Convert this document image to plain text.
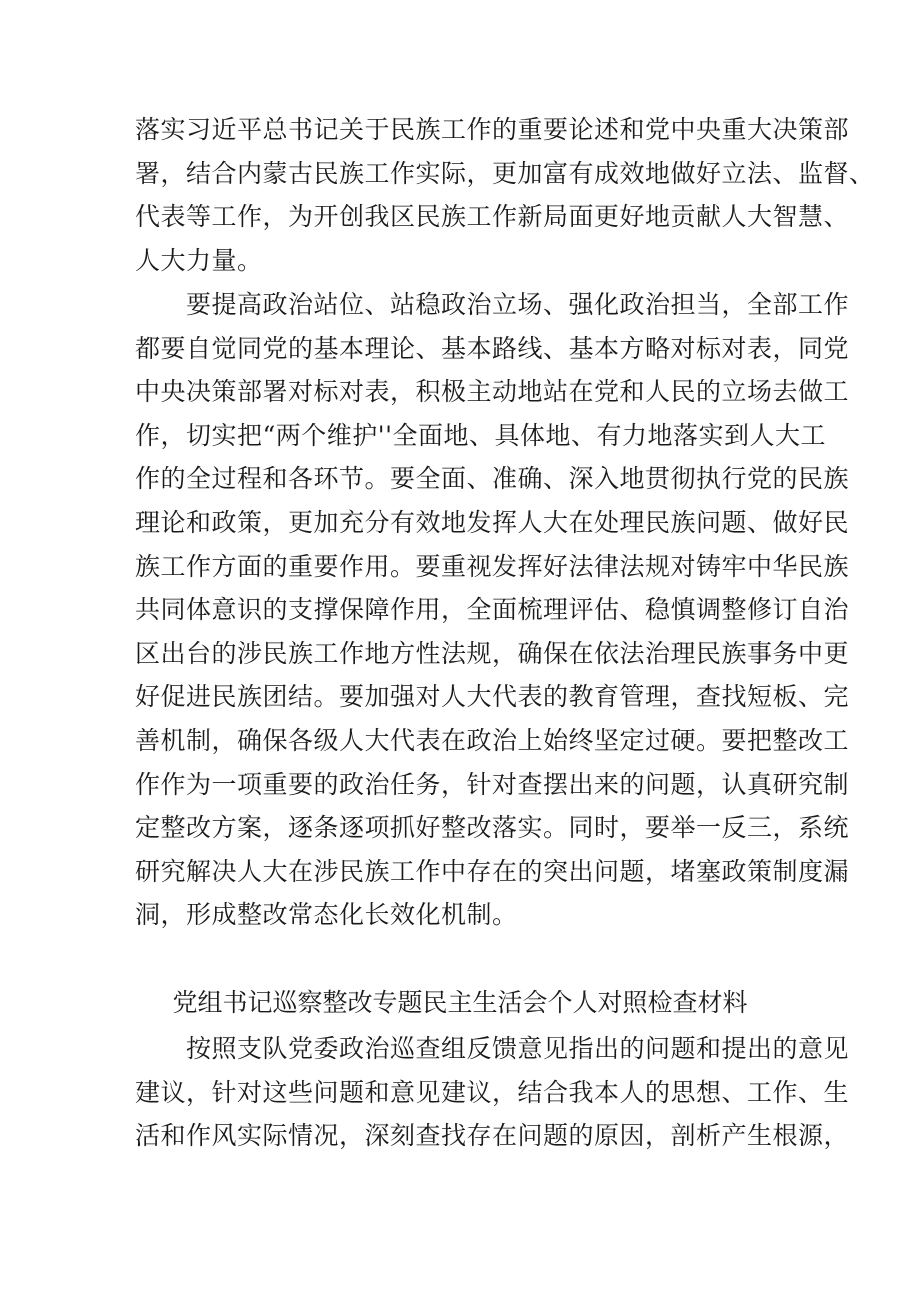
落实习近平总书记关于民族工作的重要论述和党中央重大决策部
署，结合内蒙古民族工作实际，更加富有成效地做好立法、监督、
代表等工作，为开创我区民族工作新局面更好地贡献人大智慧、
人大力量。
　　要提高政治站位、站稳政治立场、强化政治担当，全部工作
都要自觉同党的基本理论、基本路线、基本方略对标对表，同党
中央决策部署对标对表，积极主动地站在党和人民的立场去做工
作，切实把“两个维护''全面地、具体地、有力地落实到人大工
作的全过程和各环节。要全面、准确、深入地贯彻执行党的民族
理论和政策，更加充分有效地发挥人大在处理民族问题、做好民
族工作方面的重要作用。要重视发挥好法律法规对铸牢中华民族
共同体意识的支撑保障作用，全面梳理评估、稳慎调整修订自治
区出台的涉民族工作地方性法规，确保在依法治理民族事务中更
好促进民族团结。要加强对人大代表的教育管理，查找短板、完
善机制，确保各级人大代表在政治上始终坚定过硬。要把整改工
作作为一项重要的政治任务，针对查摆出来的问题，认真研究制
定整改方案，逐条逐项抓好整改落实。同时，要举一反三，系统
研究解决人大在涉民族工作中存在的突出问题，堵塞政策制度漏
洞，形成整改常态化长效化机制。
党组书记巡察整改专题民主生活会个人对照检查材料
　　按照支队党委政治巡查组反馈意见指出的问题和提出的意见
建议，针对这些问题和意见建议，结合我本人的思想、工作、生
活和作风实际情况，深刻查找存在问题的原因，剖析产生根源，
